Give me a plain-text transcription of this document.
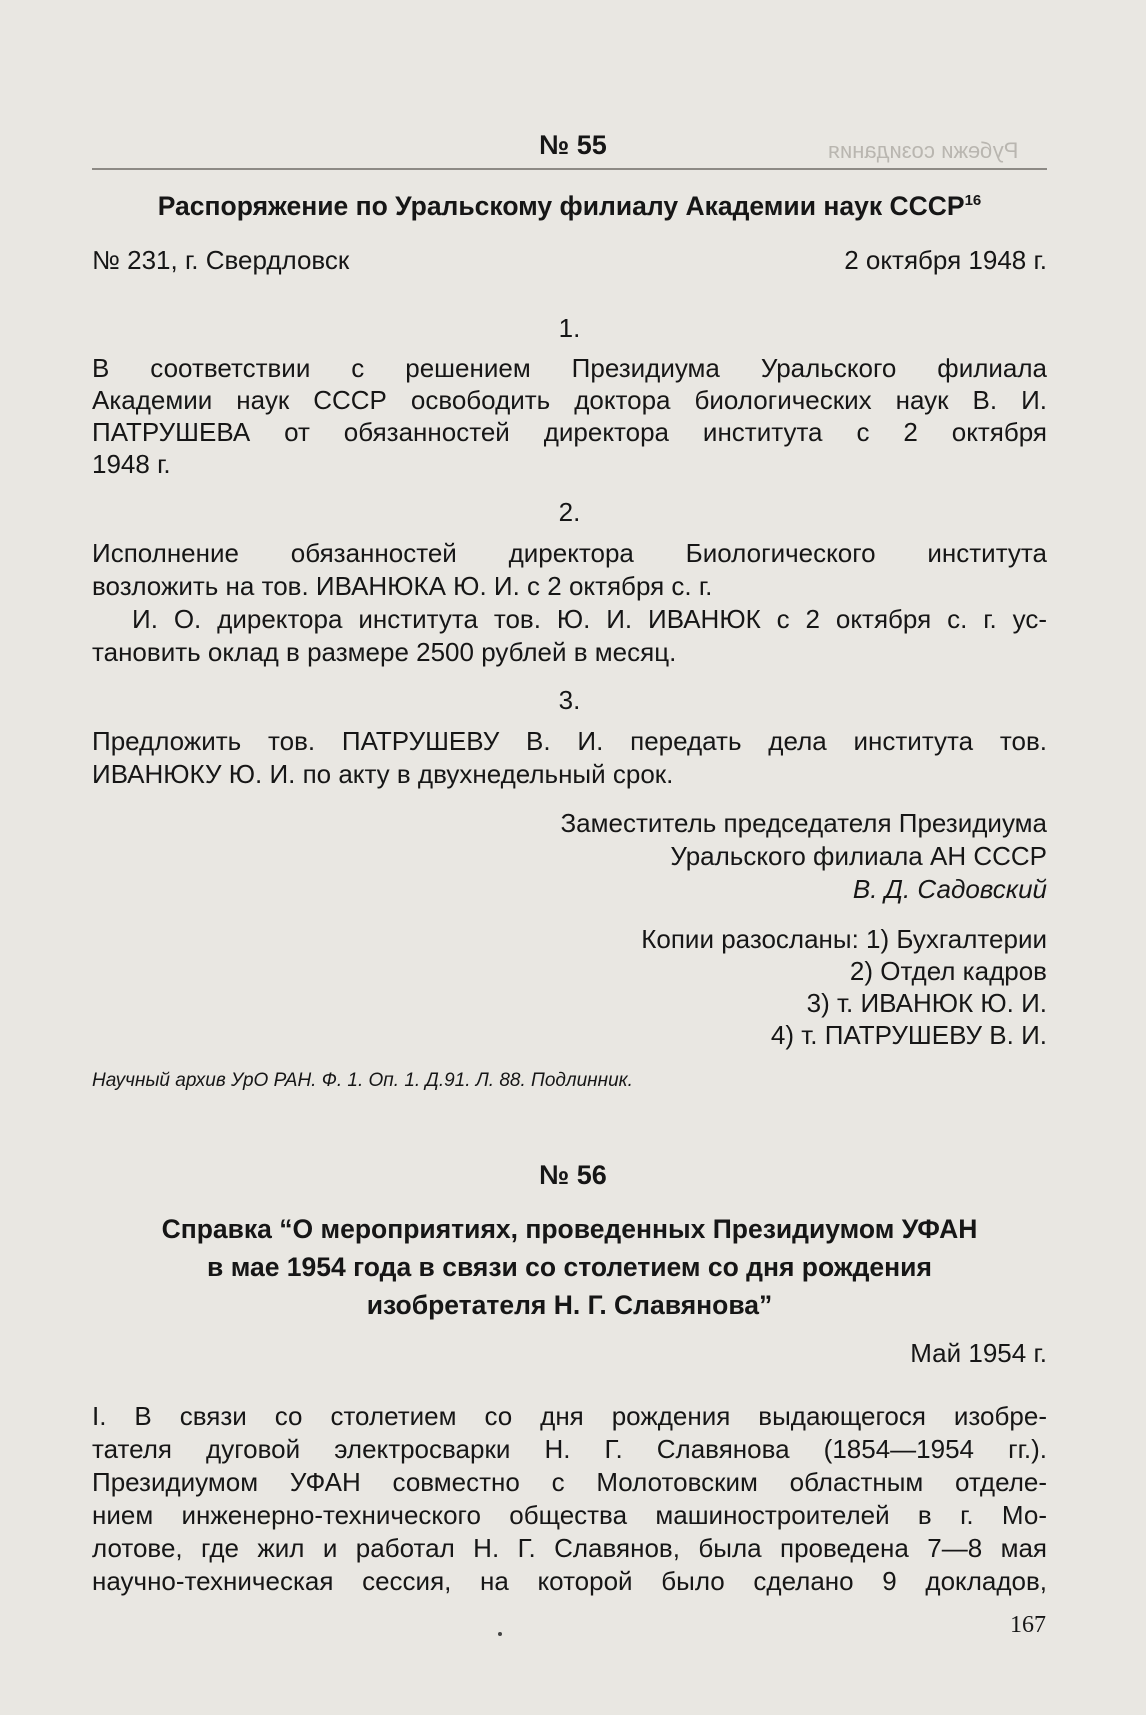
Рубежи созидания
№ 55
Распоряжение по Уральскому филиалу Академии наук СССР$^{16}$
№ 231, г. Свердловск	2 октября 1948 г.
1.
В соответствии с решением Президиума Уральского филиала
Академии наук СССР освободить доктора биологических наук В. И.
ПАТРУШЕВА от обязанностей директора института с 2 октября
1948 г.
2.
Исполнение обязанностей директора Биологического института
возложить на тов. ИВАНЮКА Ю. И. с 2 октября с. г.
И. О. директора института тов. Ю. И. ИВАНЮК с 2 октября с. г. ус-
тановить оклад в размере 2500 рублей в месяц.
3.
Предложить тов. ПАТРУШЕВУ В. И. передать дела института тов.
ИВАНЮКУ Ю. И. по акту в двухнедельный срок.
Заместитель председателя Президиума
Уральского филиала АН СССР
В. Д. Садовский
Копии разосланы: 1) Бухгалтерии
2) Отдел кадров
3) т. ИВАНЮК Ю. И.
4) т. ПАТРУШЕВУ В. И.
Научный архив УрО РАН. Ф. 1. Оп. 1. Д.91. Л. 88. Подлинник.
№ 56
Справка “О мероприятиях, проведенных Президиумом УФАН
в мае 1954 года в связи со столетием со дня рождения
изобретателя Н. Г. Славянова”
Май 1954 г.
I. В связи со столетием со дня рождения выдающегося изобре-
тателя дуговой электросварки Н. Г. Славянова (1854—1954 гг.).
Президиумом УФАН совместно с Молотовским областным отделе-
нием инженерно-технического общества машиностроителей в г. Мо-
лотове, где жил и работал Н. Г. Славянов, была проведена 7—8 мая
научно-техническая сессия, на которой было сделано 9 докладов,
167
